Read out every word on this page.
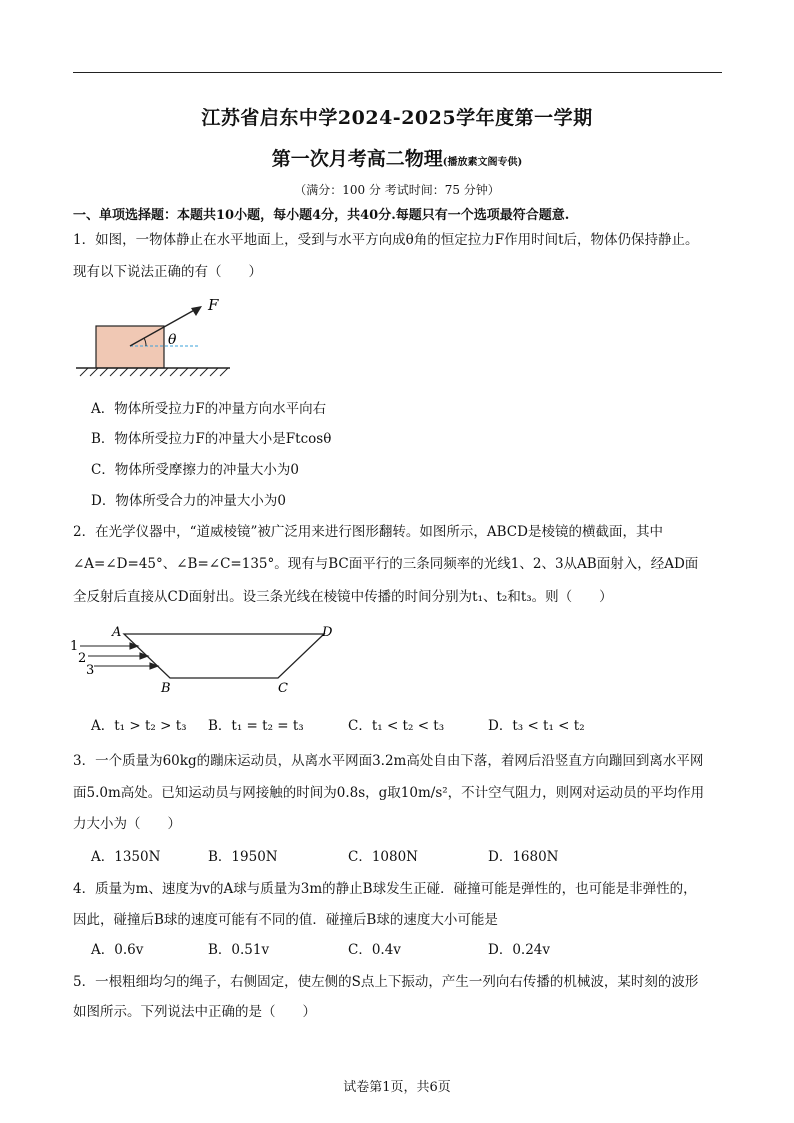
江苏省启东中学2024-2025学年度第一学期
第一次月考高二物理(播放素文阁专供)
（满分：100 分 考试时间：75 分钟）
一、单项选择题：本题共10小题，每小题4分，共40分.每题只有一个选项最符合题意.
1．如图，一物体静止在水平地面上，受到与水平方向成θ角的恒定拉力F作用时间t后，物体仍保持静止。
现有以下说法正确的有（　　）
F
θ
A．物体所受拉力F的冲量方向水平向右
B．物体所受拉力F的冲量大小是Ftcosθ
C．物体所受摩擦力的冲量大小为0
D．物体所受合力的冲量大小为0
2．在光学仪器中，“道威棱镜”被广泛用来进行图形翻转。如图所示，ABCD是棱镜的横截面，其中
∠A=∠D=45°、∠B=∠C=135°。现有与BC面平行的三条同频率的光线1、2、3从AB面射入，经AD面
全反射后直接从CD面射出。设三条光线在棱镜中传播的时间分别为t₁、t₂和t₃。则（　　）
A	D
B	C
1
2
3
A．t₁ > t₂ > t₃ B．t₁ = t₂ = t₃	C．t₁ < t₂ < t₃	D．t₃ < t₁ < t₂
3．一个质量为60kg的蹦床运动员，从离水平网面3.2m高处自由下落，着网后沿竖直方向蹦回到离水平网
面5.0m高处。已知运动员与网接触的时间为0.8s，g取10m/s²，不计空气阻力，则网对运动员的平均作用
力大小为（　　）
A．1350N	B．1950N	C．1080N	D．1680N
4．质量为m、速度为v的A球与质量为3m的静止B球发生正碰．碰撞可能是弹性的，也可能是非弹性的，
因此，碰撞后B球的速度可能有不同的值．碰撞后B球的速度大小可能是
A．0.6v	B．0.51v	C．0.4v	D．0.24v
5．一根粗细均匀的绳子，右侧固定，使左侧的S点上下振动，产生一列向右传播的机械波，某时刻的波形
如图所示。下列说法中正确的是（　　）
试卷第1页，共6页
